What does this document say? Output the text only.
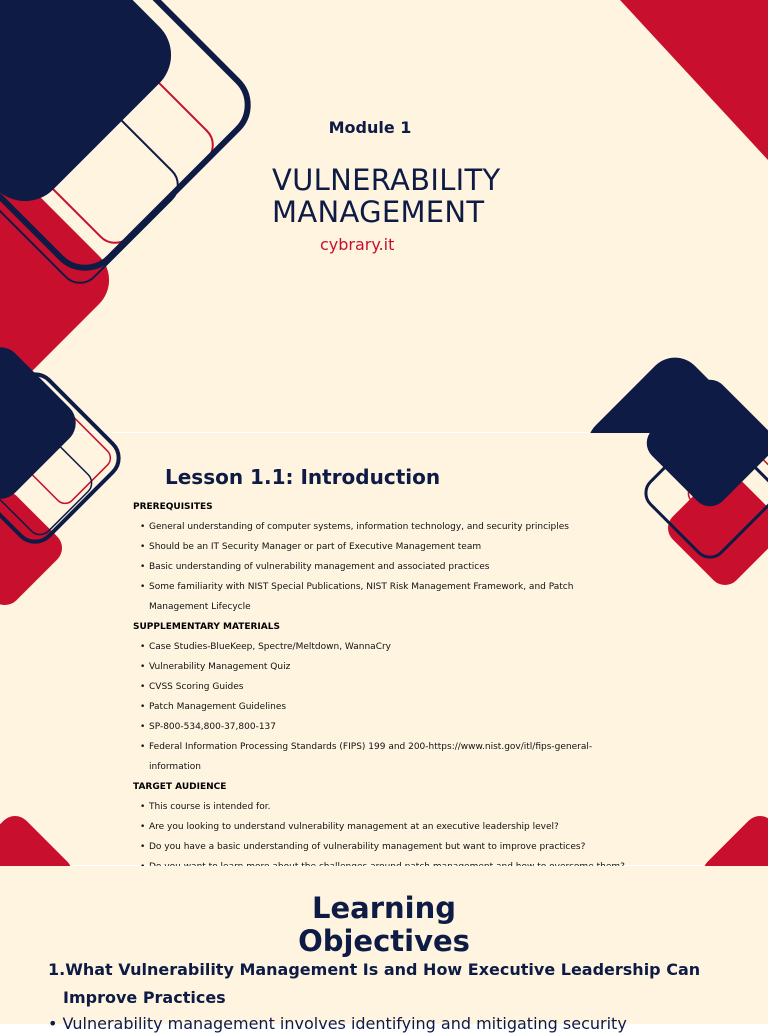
Module 1
VULNERABILITY
MANAGEMENT
cybrary.it
Lesson 1.1: Introduction
PREREQUISITES
• General understanding of computer systems, information technology, and security principles
• Should be an IT Security Manager or part of Executive Management team
• Basic understanding of vulnerability management and associated practices
• Some familiarity with NIST Special Publications, NIST Risk Management Framework, and Patch
Management Lifecycle
SUPPLEMENTARY MATERIALS
• Case Studies-BlueKeep, Spectre/Meltdown, WannaCry
• Vulnerability Management Quiz
• CVSS Scoring Guides
• Patch Management Guidelines
• SP-800-534,800-37,800-137
• Federal Information Processing Standards (FIPS) 199 and 200-https://www.nist.gov/itl/fips-general-
information
TARGET AUDIENCE
• This course is intended for.
• Are you looking to understand vulnerability management at an executive leadership level?
• Do you have a basic understanding of vulnerability management but want to improve practices?
•
Learning
Objectives
1.What Vulnerability Management Is and How Executive Leadership Can
Improve Practices
• Vulnerability management involves identifying and mitigating security
